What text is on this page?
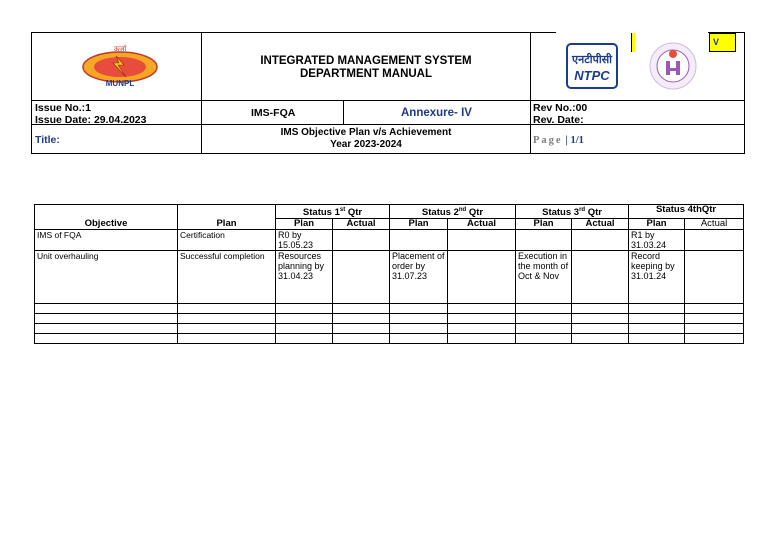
ऊर्जा
MUNPL
INTEGRATED MANAGEMENT SYSTEM
DEPARTMENT MANUAL
एनटीपीसी
NTPC
Issue No.:1
Issue Date: 29.04.2023
IMS-FQA	Annexure- IV	Rev No.:00
Rev. Date:
Title:
IMS Objective Plan v/s Achievement
Year 2023-2024	Page | 1/1
V
Objective	Plan	Status 1st Qtr		Status 2nd Qtr		Status 3rd Qtr		Status 4thQtr	
		Plan	Actual	Plan	Actual	Plan	Actual	Plan	Actual
IMS of FQA	Certification	R0 by 15.05.23						R1 by 31.03.24	
Unit overhauling	Successful completion	Resources planning by 31.04.23		Placement of order by 31.07.23		Execution in the month of Oct & Nov		Record keeping by 31.01.24	
